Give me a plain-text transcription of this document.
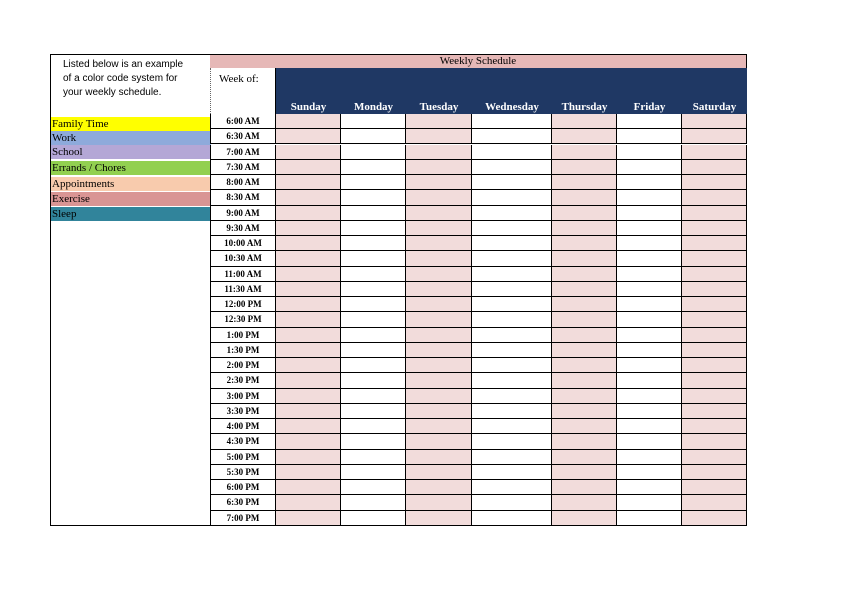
Listed below is an example
of a color code system for
your weekly schedule.
Family Time
Work
School
Errands / Chores
Appointments
Exercise
Sleep
Weekly Schedule
Week of:
Sunday	Monday	Tuesday	Wednesday	Thursday	Friday	Saturday
6:00 AM
6:30 AM
7:00 AM
7:30 AM
8:00 AM
8:30 AM
9:00 AM
9:30 AM
10:00 AM
10:30 AM
11:00 AM
11:30 AM
12:00 PM
12:30 PM
1:00 PM
1:30 PM
2:00 PM
2:30 PM
3:00 PM
3:30 PM
4:00 PM
4:30 PM
5:00 PM
5:30 PM
6:00 PM
6:30 PM
7:00 PM
